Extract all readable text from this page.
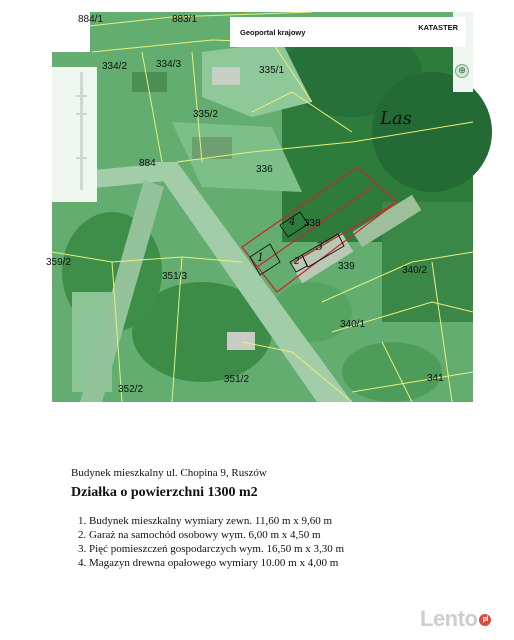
⊕
Geoportal krajowy
KATASTER
884/1	883/1
334/2	334/3
335/1
335/2
336
338
339	340/2
340/1
341
351/3
351/2
352/2
359/2
884
Las
1	2
3
4
Budynek mieszkalny ul. Chopina 9, Ruszów
Działka o powierzchni 1300 m2
1. Budynek mieszkalny wymiary zewn. 11,60 m x 9,60 m
2. Garaż na samochód osobowy wym. 6,00 m x 4,50 m
3. Pięć pomieszczeń gospodarczych wym. 16,50 m x 3,30 m
4. Magazyn drewna opałowego wymiary 10.00 m x 4,00 m
Lento pl
